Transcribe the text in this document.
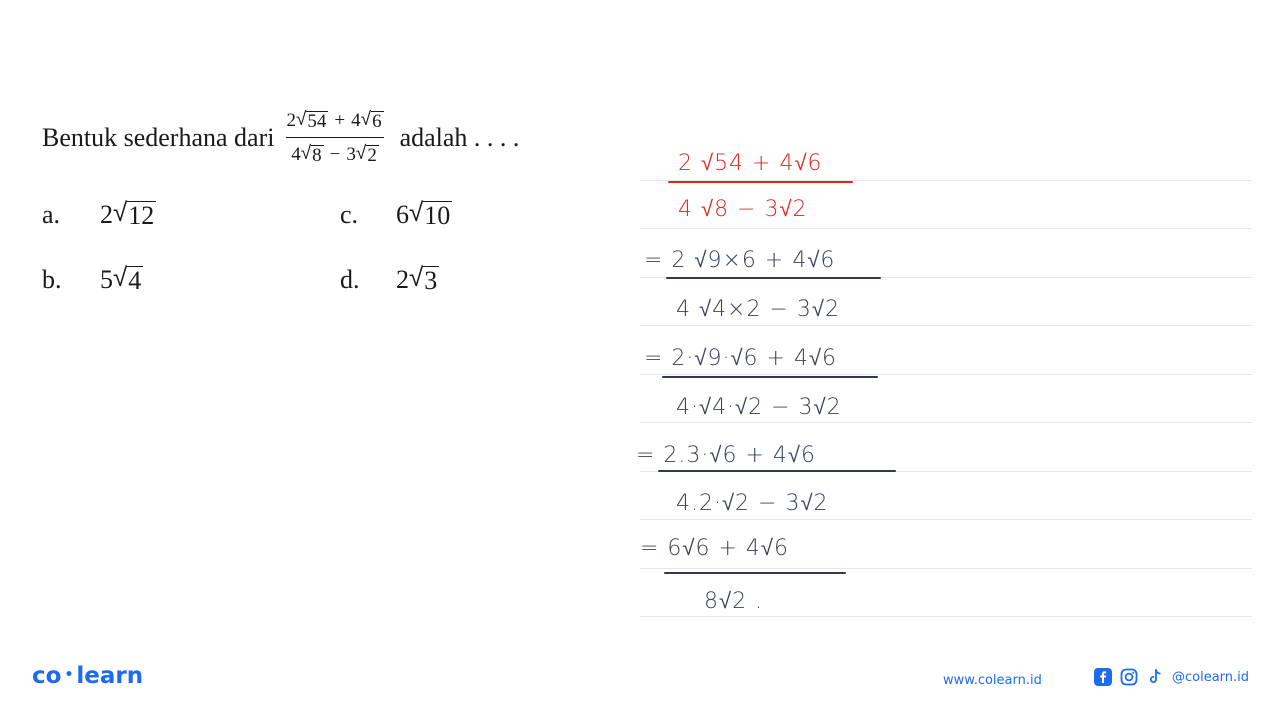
Bentuk sederhana dari $\frac{2 √ 54 + 4 √ 6}{4 √ 8 - 3 √ 2}$ adalah . . . .
a. 2 √ 12
b. 5 √ 4
c. 6 √ 10
d. 2 √ 3
2 √54 + 4√6
4 √8 − 3√2
= 2 √9×6 + 4√6
4 √4×2 − 3√2
= 2·√9·√6 + 4√6
4·√4·√2 − 3√2
= 2.3·√6 + 4√6
4.2·√2 − 3√2
= 6√6 + 4√6
8√2 .
co • learn	www.colearn.id	@colearn.id
